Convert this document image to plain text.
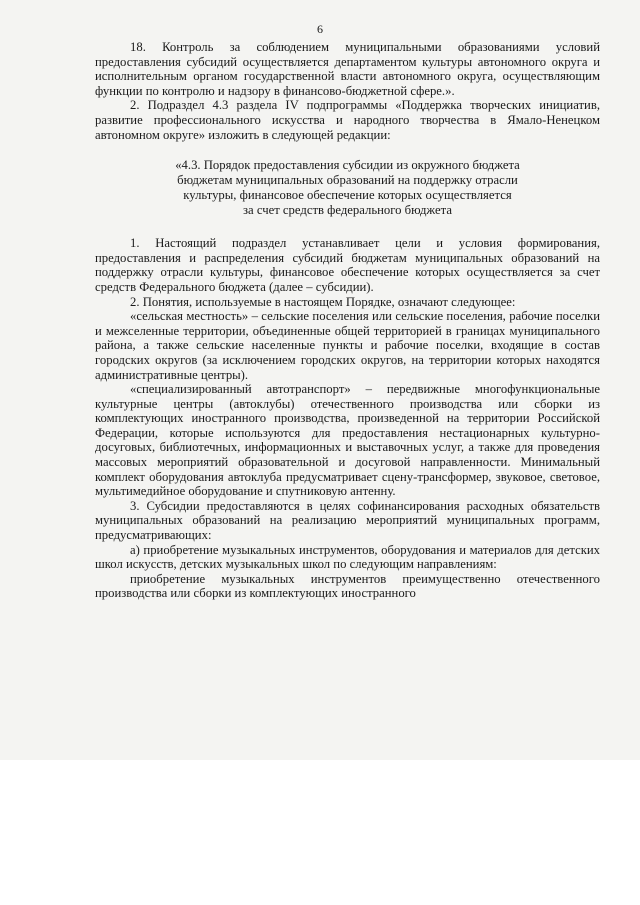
6

18. Контроль за соблюдением муниципальными образованиями условий предоставления субсидий осуществляется департаментом культуры автономного округа и исполнительным органом государственной власти автономного округа, осуществляющим функции по контролю и надзору в финансово-бюджетной сфере.».

2. Подраздел 4.3 раздела IV подпрограммы «Поддержка творческих инициатив, развитие профессионального искусства и народного творчества в Ямало-Ненецком автономном округе» изложить в следующей редакции:

«4.3. Порядок предоставления субсидии из окружного бюджета
бюджетам муниципальных образований на поддержку отрасли
культуры, финансовое обеспечение которых осуществляется
за счет средств федерального бюджета

1. Настоящий подраздел устанавливает цели и условия формирования, предоставления и распределения субсидий бюджетам муниципальных образований на поддержку отрасли культуры, финансовое обеспечение которых осуществляется за счет средств Федерального бюджета (далее – субсидии).

2. Понятия, используемые в настоящем Порядке, означают следующее:

«сельская местность» – сельские поселения или сельские поселения, рабочие поселки и межселенные территории, объединенные общей территорией в границах муниципального района, а также сельские населенные пункты и рабочие поселки, входящие в состав городских округов (за исключением городских округов, на территории которых находятся административные центры).

«специализированный автотранспорт» – передвижные многофункциональные культурные центры (автоклубы) отечественного производства или сборки из комплектующих иностранного производства, произведенной на территории Российской Федерации, которые используются для предоставления нестационарных культурно-досуговых, библиотечных, информационных и выставочных услуг, а также для проведения массовых мероприятий образовательной и досуговой направленности. Минимальный комплект оборудования автоклуба предусматривает сцену-трансформер, звуковое, световое, мультимедийное оборудование и спутниковую антенну.

3. Субсидии предоставляются в целях софинансирования расходных обязательств муниципальных образований на реализацию мероприятий муниципальных программ, предусматривающих:

а) приобретение музыкальных инструментов, оборудования и материалов для детских школ искусств, детских музыкальных школ по следующим направлениям:

приобретение музыкальных инструментов преимущественно отечественного производства или сборки из комплектующих иностранного
